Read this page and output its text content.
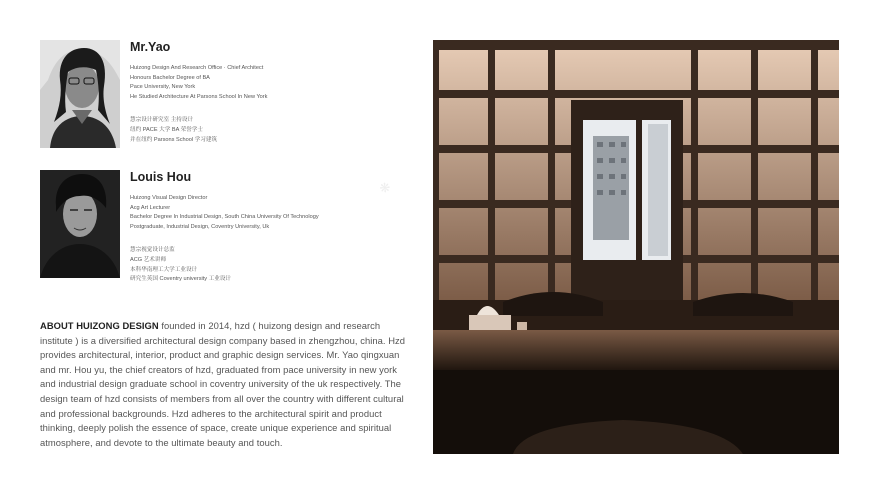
Mr.Yao
Huizong Design And Research Office · Chief Architect
Honours Bachelor Degree of BA
Pace University, New York
He Studied Architecture At Parsons School In New York
慧宗设计研究室 主持设计
纽约 PACE 大学 BA 荣誉学士
并在纽约 Parsons School 学习建筑
Louis Hou
Huizong Visual Design Director
Acg Art Lecturer
Bachelor Degree In Industrial Design, South China University Of Technology
Postgraduate, Industrial Design, Coventry University, Uk
慧宗视觉设计总监
ACG 艺术讲师
本科华南理工大学工业设计
研究生英国 Coventry university 工业设计
ABOUT HUIZONG DESIGN founded in 2014, hzd ( huizong design and research institute ) is a diversified architectural design company based in zhengzhou, china. Hzd provides architectural, interior, product and graphic design services. Mr. Yao qingxuan and mr. Hou yu, the chief creators of hzd, graduated from pace university in new york and industrial design graduate school in coventry university of the uk respectively. The design team of hzd consists of members from all over the country with different cultural and professional backgrounds. Hzd adheres to the architectural spirit and product thinking, deeply polish the essence of space, create unique experience and spiritual atmosphere, and devote to the ultimate beauty and touch.
❋
